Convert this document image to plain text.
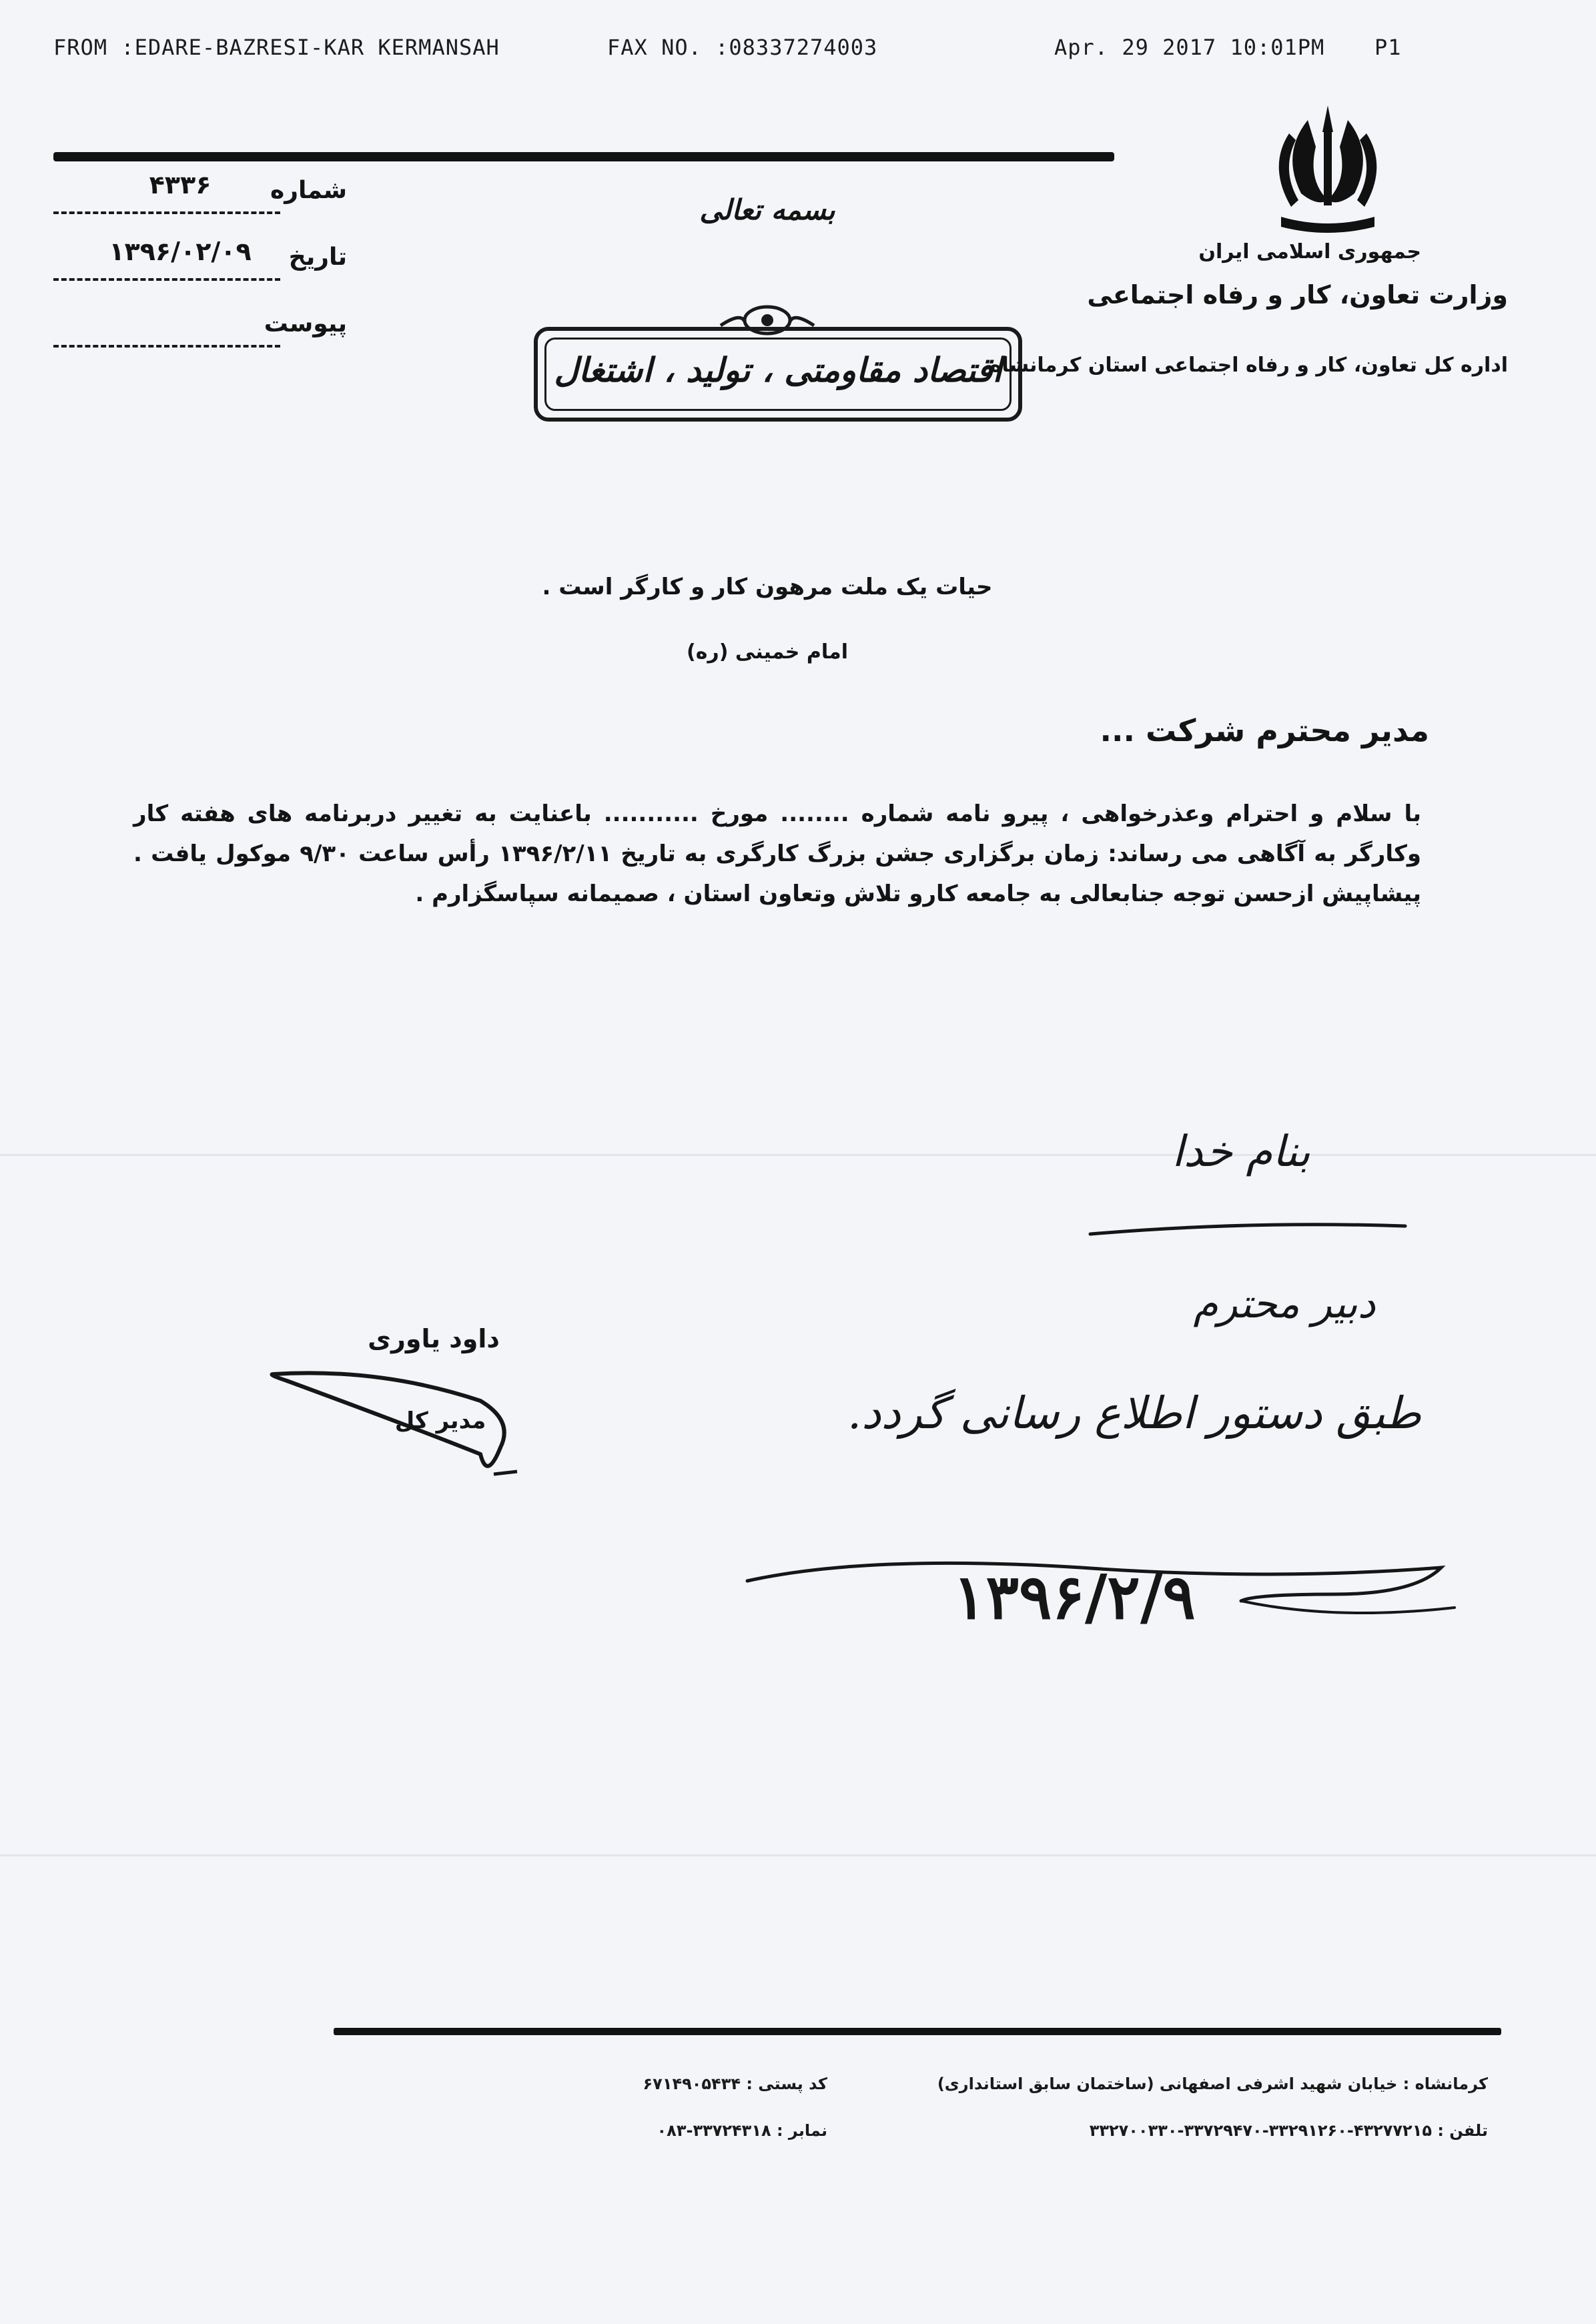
FROM :EDARE-BAZRESI-KAR KERMANSAH	FAX NO. :08337274003	Apr. 29 2017 10:01PM P1
۴۳۳۶	شماره
۱۳۹۶/۰۲/۰۹	تاریخ
پیوست
بسمه تعالی
اقتصاد مقاومتی ، تولید ، اشتغال
جمهوری اسلامی ایران
وزارت تعاون، کار و رفاه اجتماعی
اداره کل تعاون، کار و رفاه اجتماعی استان کرمانشاه
حیات یک ملت مرهون کار و کارگر است .
امام خمینی (ره)
مدیر محترم شرکت ...
با سلام و احترام وعذرخواهی ، پیرو نامه شماره ........ مورخ ........... باعنایت به تغییر دربرنامه های هفته کار وکارگر به آگاهی می رساند: زمان برگزاری جشن بزرگ کارگری به تاریخ ۱۳۹۶/۲/۱۱ رأس ساعت ۹/۳۰ موکول یافت . پیشاپیش ازحسن توجه جنابعالی به جامعه کارو تلاش وتعاون استان ، صمیمانه سپاسگزارم .
بنام خدا
دبیر محترم
طبق دستور اطلاع رسانی گردد.
۱۳۹۶/۲/۹
داود یاوری
مدیر کل
کرمانشاه : خیابان شهید اشرفی اصفهانی (ساختمان سابق استانداری)
کد پستی : ۶۷۱۴۹۰۵۴۳۴
تلفن : ۴۳۲۷۷۲۱۵-۳۳۲۹۱۲۶۰-۳۳۷۲۹۴۷۰-۳۳۲۷۰۰۳۳۰
نمابر : ۳۳۷۲۴۳۱۸-۰۸۳
